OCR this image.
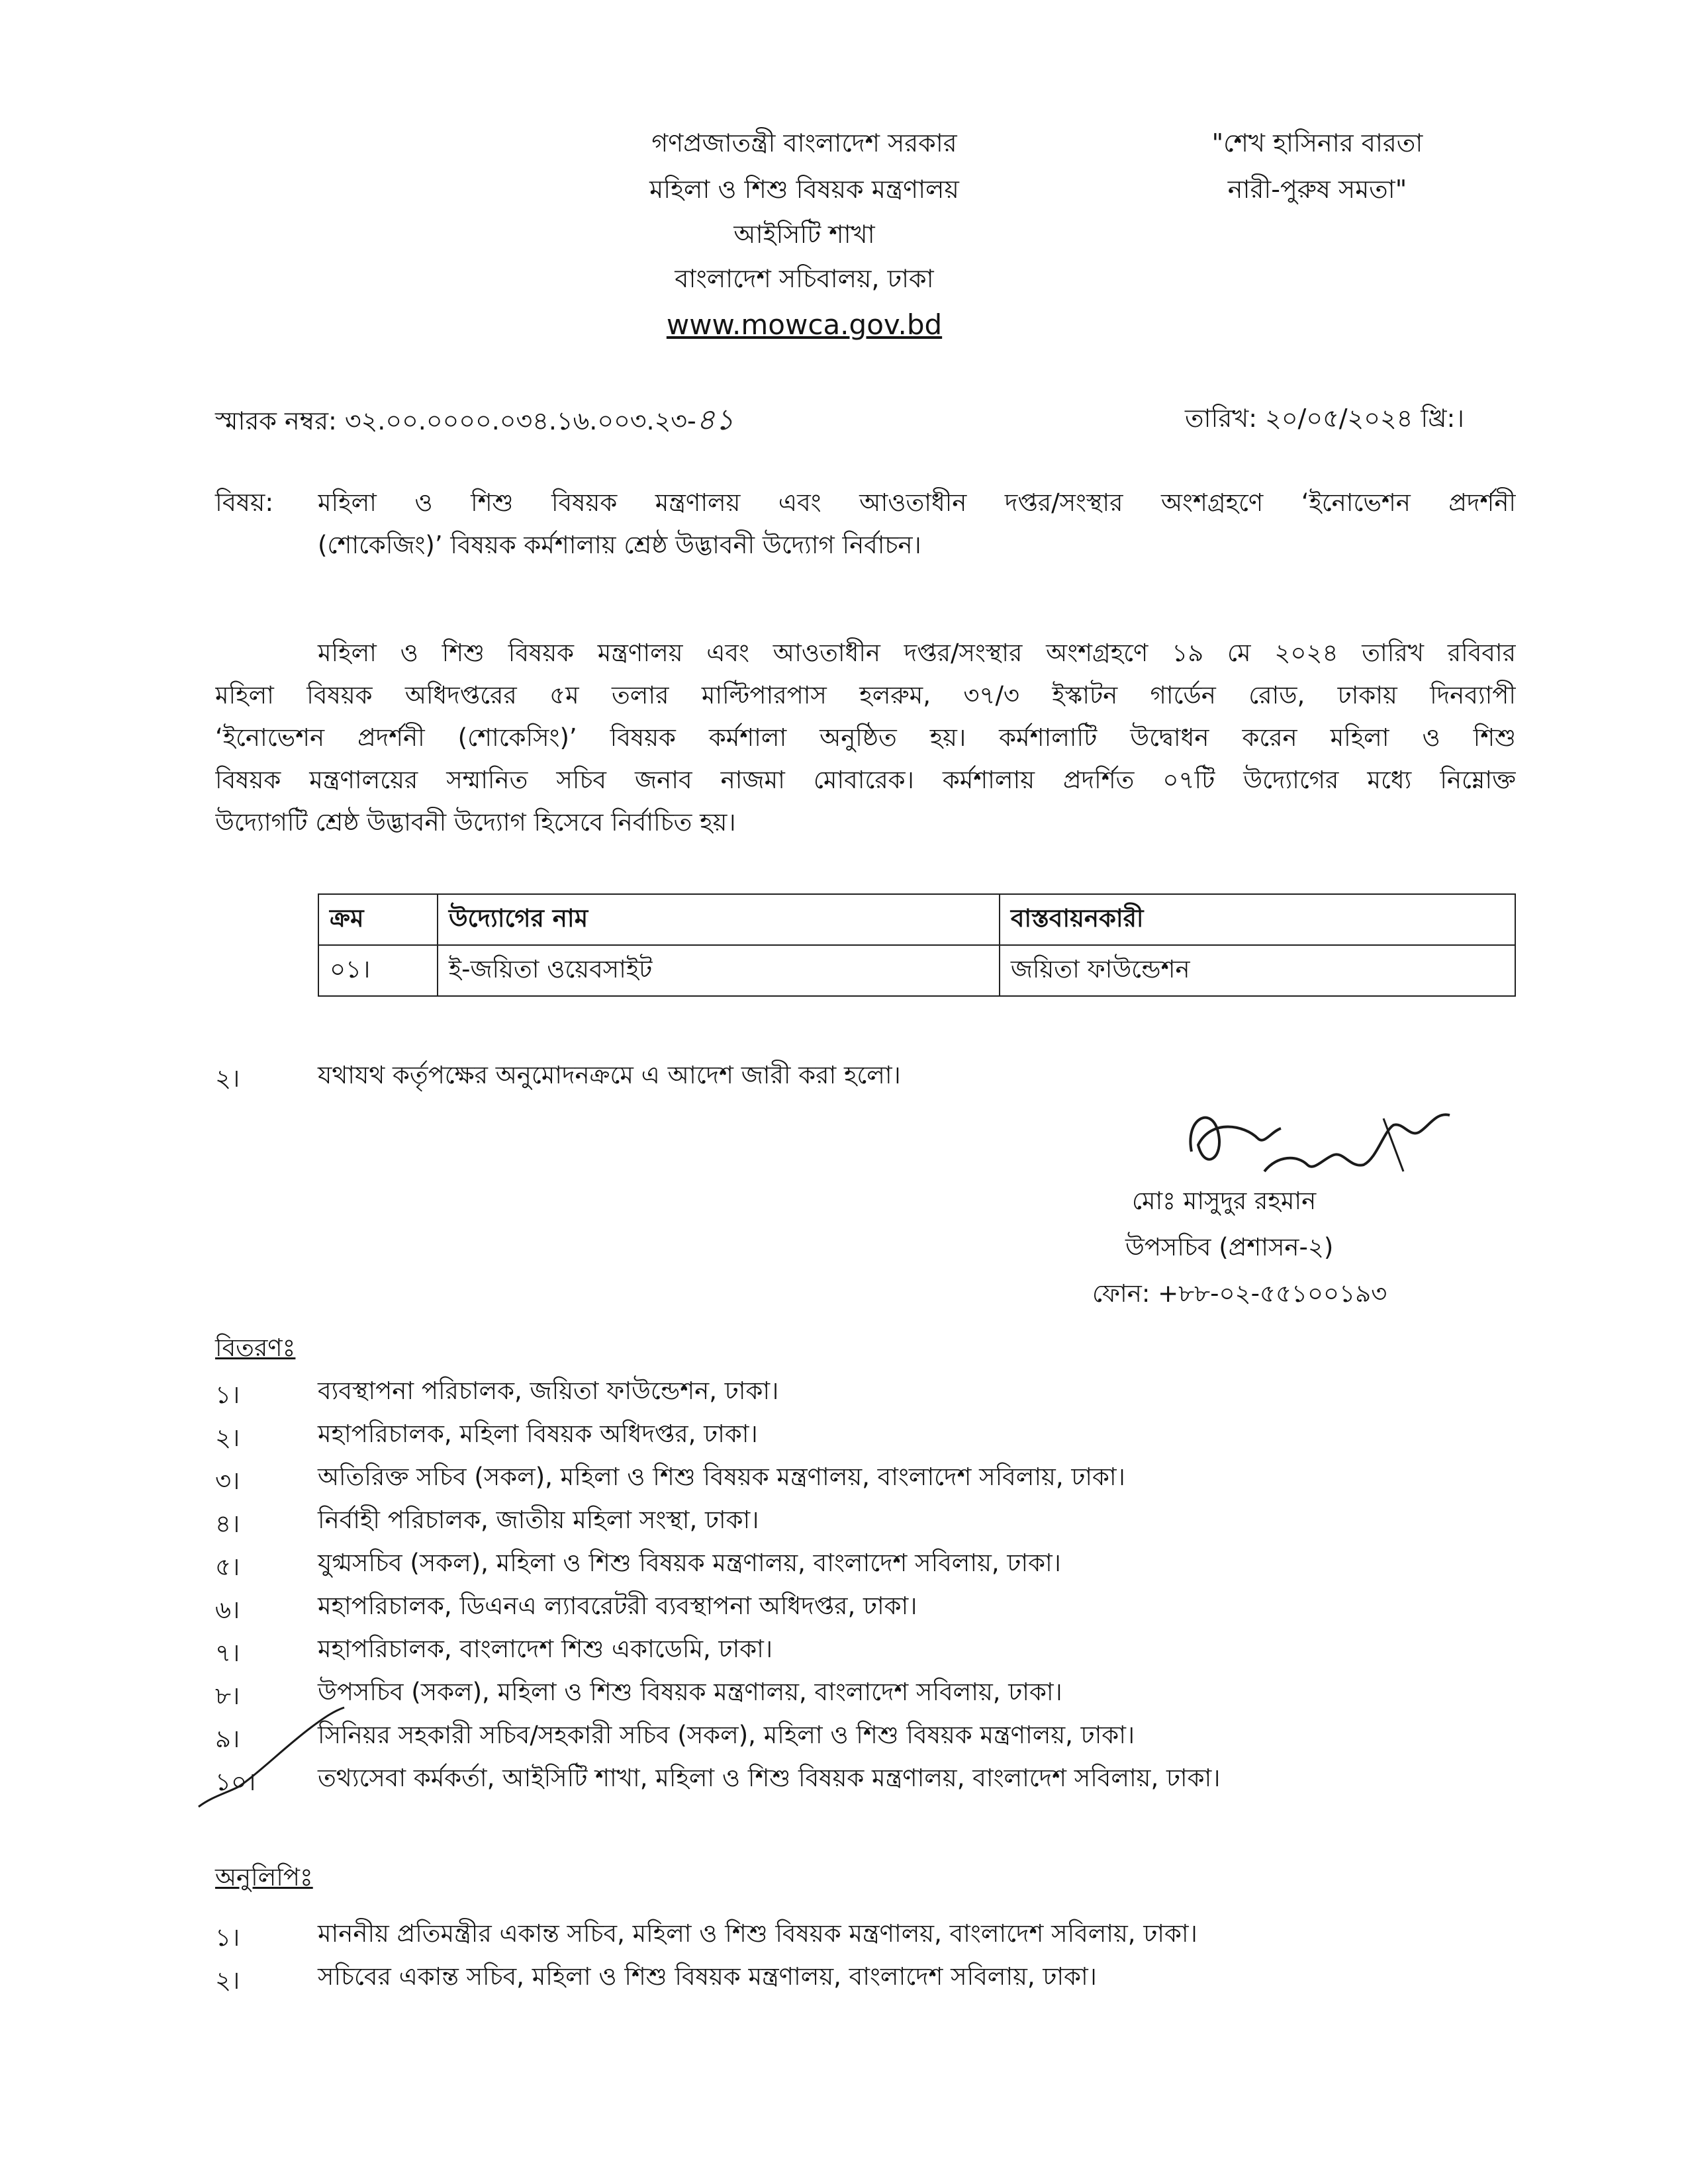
গণপ্রজাতন্ত্রী বাংলাদেশ সরকার
মহিলা ও শিশু বিষয়ক মন্ত্রণালয়
আইসিটি শাখা
বাংলাদেশ সচিবালয়, ঢাকা
www.mowca.gov.bd
"শেখ হাসিনার বারতা
নারী-পুরুষ সমতা"
স্মারক নম্বর: ৩২.০০.০০০০.০৩৪.১৬.০০৩.২৩-৪১	তারিখ: ২০/০৫/২০২৪ খ্রি:।
বিষয়: মহিলা ও শিশু বিষয়ক মন্ত্রণালয় এবং আওতাধীন দপ্তর/সংস্থার অংশগ্রহণে ‘ইনোভেশন প্রদর্শনী
(শোকেজিং)’ বিষয়ক কর্মশালায় শ্রেষ্ঠ উদ্ভাবনী উদ্যোগ নির্বাচন।
মহিলা ও শিশু বিষয়ক মন্ত্রণালয় এবং আওতাধীন দপ্তর/সংস্থার অংশগ্রহণে ১৯ মে ২০২৪ তারিখ রবিবার
মহিলা বিষয়ক অধিদপ্তরের ৫ম তলার মাল্টিপারপাস হলরুম, ৩৭/৩ ইস্কাটন গার্ডেন রোড, ঢাকায় দিনব্যাপী
‘ইনোভেশন প্রদর্শনী (শোকেসিং)’ বিষয়ক কর্মশালা অনুষ্ঠিত হয়। কর্মশালাটি উদ্বোধন করেন মহিলা ও শিশু
বিষয়ক মন্ত্রণালয়ের সম্মানিত সচিব জনাব নাজমা মোবারেক। কর্মশালায় প্রদর্শিত ০৭টি উদ্যোগের মধ্যে নিম্নোক্ত
উদ্যোগটি শ্রেষ্ঠ উদ্ভাবনী উদ্যোগ হিসেবে নির্বাচিত হয়।
ক্রম	উদ্যোগের নাম	বাস্তবায়নকারী
০১।	ই-জয়িতা ওয়েবসাইট	জয়িতা ফাউন্ডেশন
২।	যথাযথ কর্তৃপক্ষের অনুমোদনক্রমে এ আদেশ জারী করা হলো।
মোঃ মাসুদুর রহমান
উপসচিব (প্রশাসন-২)
ফোন: +৮৮-০২-৫৫১০০১৯৩
বিতরণঃ
১।	ব্যবস্থাপনা পরিচালক, জয়িতা ফাউন্ডেশন, ঢাকা।
২।	মহাপরিচালক, মহিলা বিষয়ক অধিদপ্তর, ঢাকা।
৩।	অতিরিক্ত সচিব (সকল), মহিলা ও শিশু বিষয়ক মন্ত্রণালয়, বাংলাদেশ সবিলায়, ঢাকা।
৪।	নির্বাহী পরিচালক, জাতীয় মহিলা সংস্থা, ঢাকা।
৫।	যুগ্মসচিব (সকল), মহিলা ও শিশু বিষয়ক মন্ত্রণালয়, বাংলাদেশ সবিলায়, ঢাকা।
৬।	মহাপরিচালক, ডিএনএ ল্যাবরেটরী ব্যবস্থাপনা অধিদপ্তর, ঢাকা।
৭।	মহাপরিচালক, বাংলাদেশ শিশু একাডেমি, ঢাকা।
৮।	উপসচিব (সকল), মহিলা ও শিশু বিষয়ক মন্ত্রণালয়, বাংলাদেশ সবিলায়, ঢাকা।
৯।	সিনিয়র সহকারী সচিব/সহকারী সচিব (সকল), মহিলা ও শিশু বিষয়ক মন্ত্রণালয়, ঢাকা।
১০।	তথ্যসেবা কর্মকর্তা, আইসিটি শাখা, মহিলা ও শিশু বিষয়ক মন্ত্রণালয়, বাংলাদেশ সবিলায়, ঢাকা।
অনুলিপিঃ
১।	মাননীয় প্রতিমন্ত্রীর একান্ত সচিব, মহিলা ও শিশু বিষয়ক মন্ত্রণালয়, বাংলাদেশ সবিলায়, ঢাকা।
২।	সচিবের একান্ত সচিব, মহিলা ও শিশু বিষয়ক মন্ত্রণালয়, বাংলাদেশ সবিলায়, ঢাকা।
